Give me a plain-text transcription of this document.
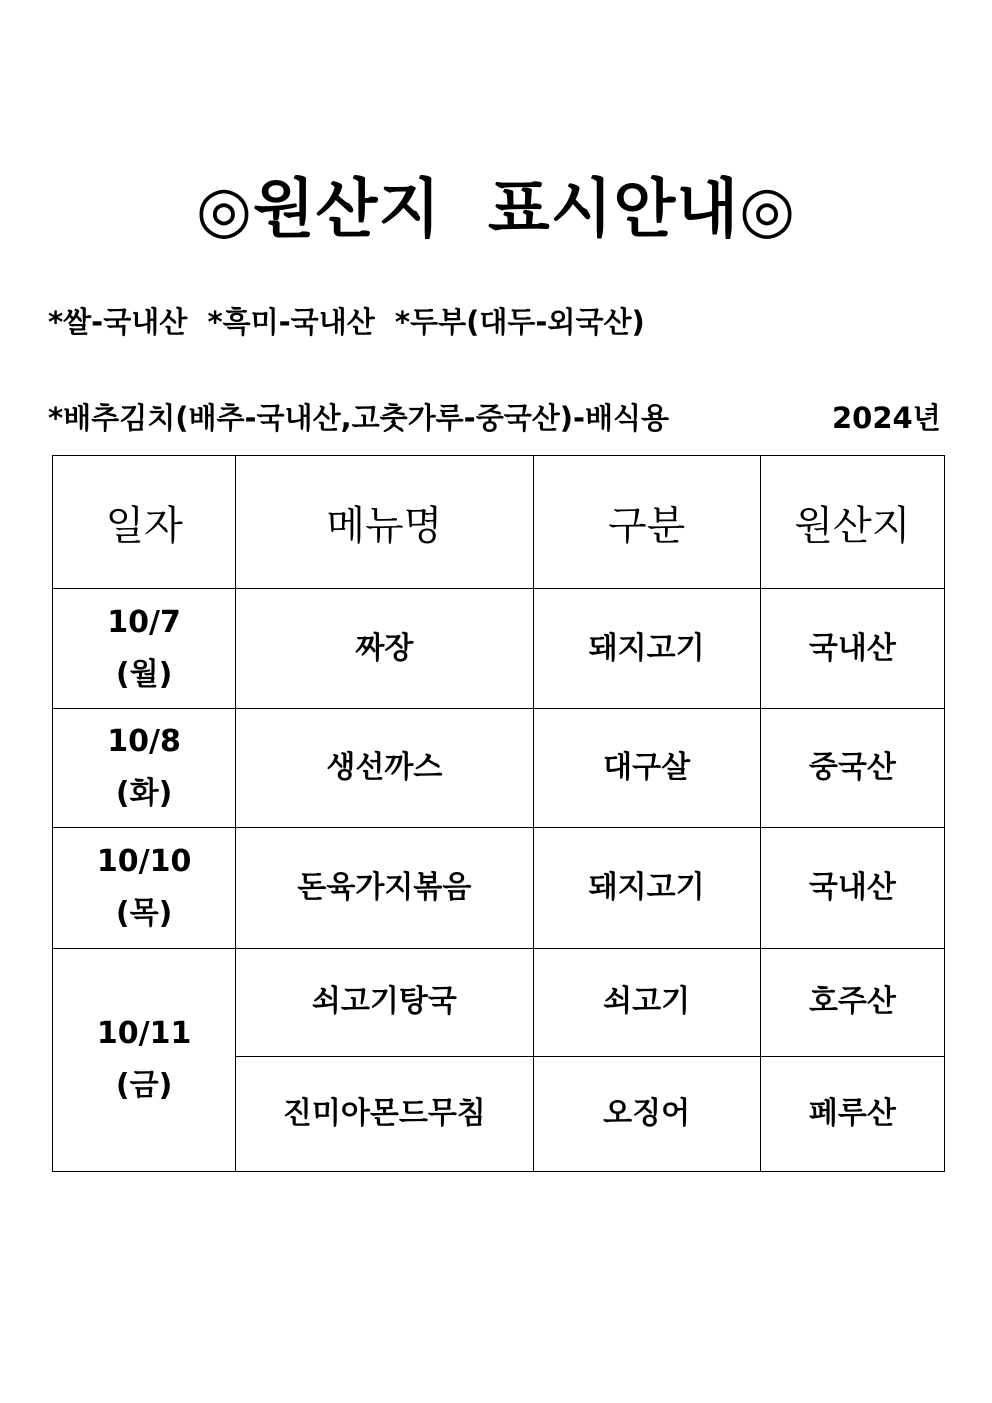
◎원산지  표시안내◎
*쌀-국내산  *흑미-국내산  *두부(대두-외국산)
*배추김치(배추-국내산,고춧가루-중국산)-배식용	2024년
일자	메뉴명	구분	원산지

10/7
(월)	짜장	돼지고기	국내산

10/8
(화)	생선까스	대구살	중국산

10/10
(목)	돈육가지볶음	돼지고기	국내산

10/11
(금)	쇠고기탕국	쇠고기	호주산
	진미아몬드무침	오징어	페루산
